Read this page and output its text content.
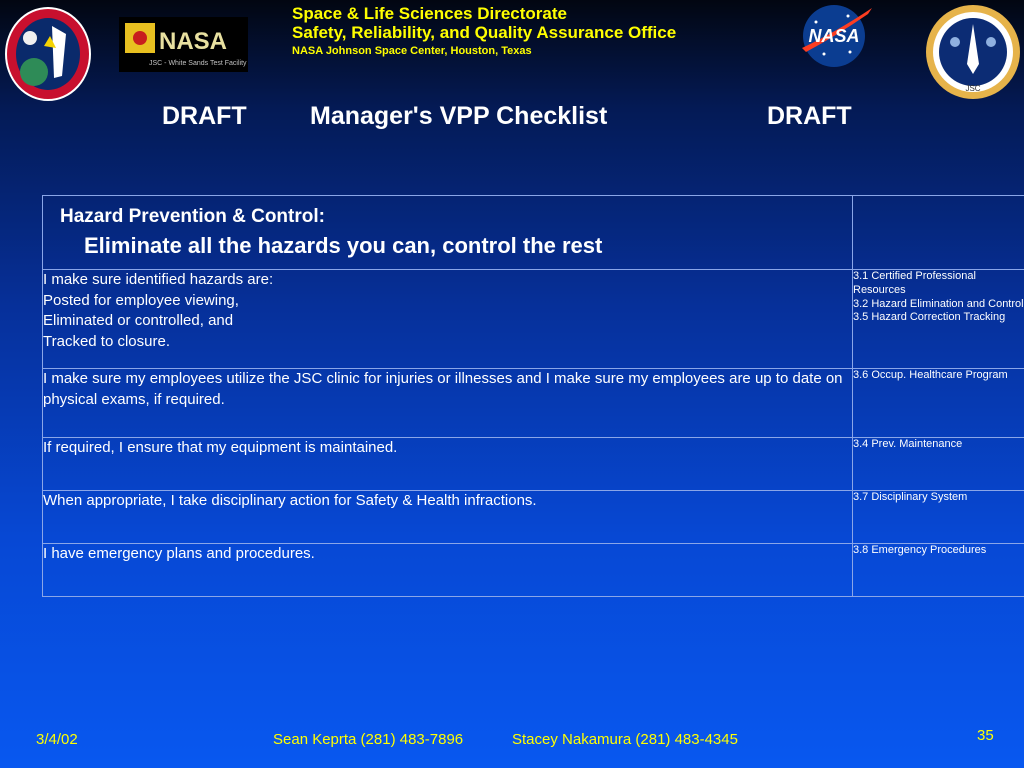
NASA
JSC - White Sands Test Facility
NASA
JSC
Space & Life Sciences Directorate
Safety, Reliability, and Quality Assurance Office
NASA Johnson Space Center, Houston, Texas
DRAFT	Manager's VPP Checklist	DRAFT
Hazard Prevention & Control:
Eliminate all the hazards you can, control the rest	

I make sure identified hazards are:
Posted for employee viewing,
Eliminated or controlled, and
Tracked to closure.	3.1 Certified Professional Resources
3.2 Hazard Elimination and Control
3.5 Hazard Correction Tracking

I make sure my employees utilize the JSC clinic for injuries or illnesses and I make sure my employees are up to date on physical exams, if required.	3.6 Occup. Healthcare Program

If required, I ensure that my equipment is maintained.	3.4 Prev. Maintenance

When appropriate, I take disciplinary action for Safety & Health infractions.	3.7 Disciplinary System

I have emergency plans and procedures.	3.8 Emergency Procedures
3/4/02	Sean Keprta (281) 483-7896	Stacey Nakamura (281) 483-4345	35
